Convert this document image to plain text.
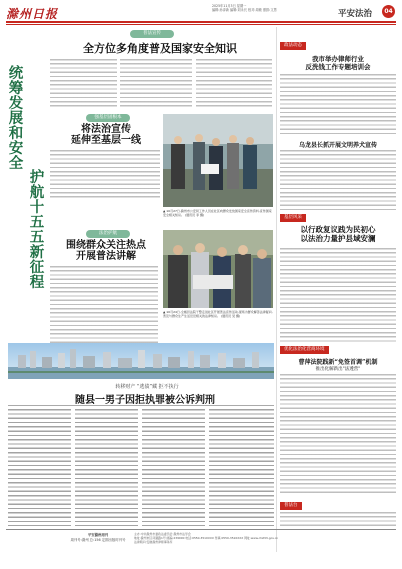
滁州日报
2025年11月3日 星期一
编辑:孙泽新 编辑:刘永长 校对:周敏 照排:文思	平安法治	04
统筹发展和安全
护航十五五新征程
普法宣传
全方位多角度普及国家安全知识
强基层固根本
将法治宣传
延伸至基层一线
▲ 10月27日,滁州市公安局工作人员在社区向群众发放国家安全宣传资料,宣传国家安全相关知识。 (通讯员 李 摄)
法治护航
围绕群众关注热点
开展普法讲解
▲ 10月24日,全椒县法院干警走进社区开展普法宣传活动,现场为群众解答法律疑问,普及与群众生产生活息息相关的法律知识。 (通讯员 吴 摄)
转移财产 “逃债”藏 拒不执行
随县一男子因拒执罪被公诉判刑
政法动态
我市举办律师行业
反洗钱工作专题培训会
乌龙县长抓开展文明养犬宣传
基层风采
以行政复议践为民初心
以法治力量护县域安澜
优化法治化营商环境
曹萍法院践新“免签首调”机制
推出化解新出"法透营"
普法台
平安滁州周刊
周刊号:滁州 总:156 定期出版时刊号
主办:中共滁州市委政法委员会 滁州市法学会
地址:滁州市区凤凰路1号 邮编:239000 电话:0550-3510XXX 传真:0550-3510XXX 网址:www.chzhfz.gov.cn
法律顾问:安徽滁州律师事务所
